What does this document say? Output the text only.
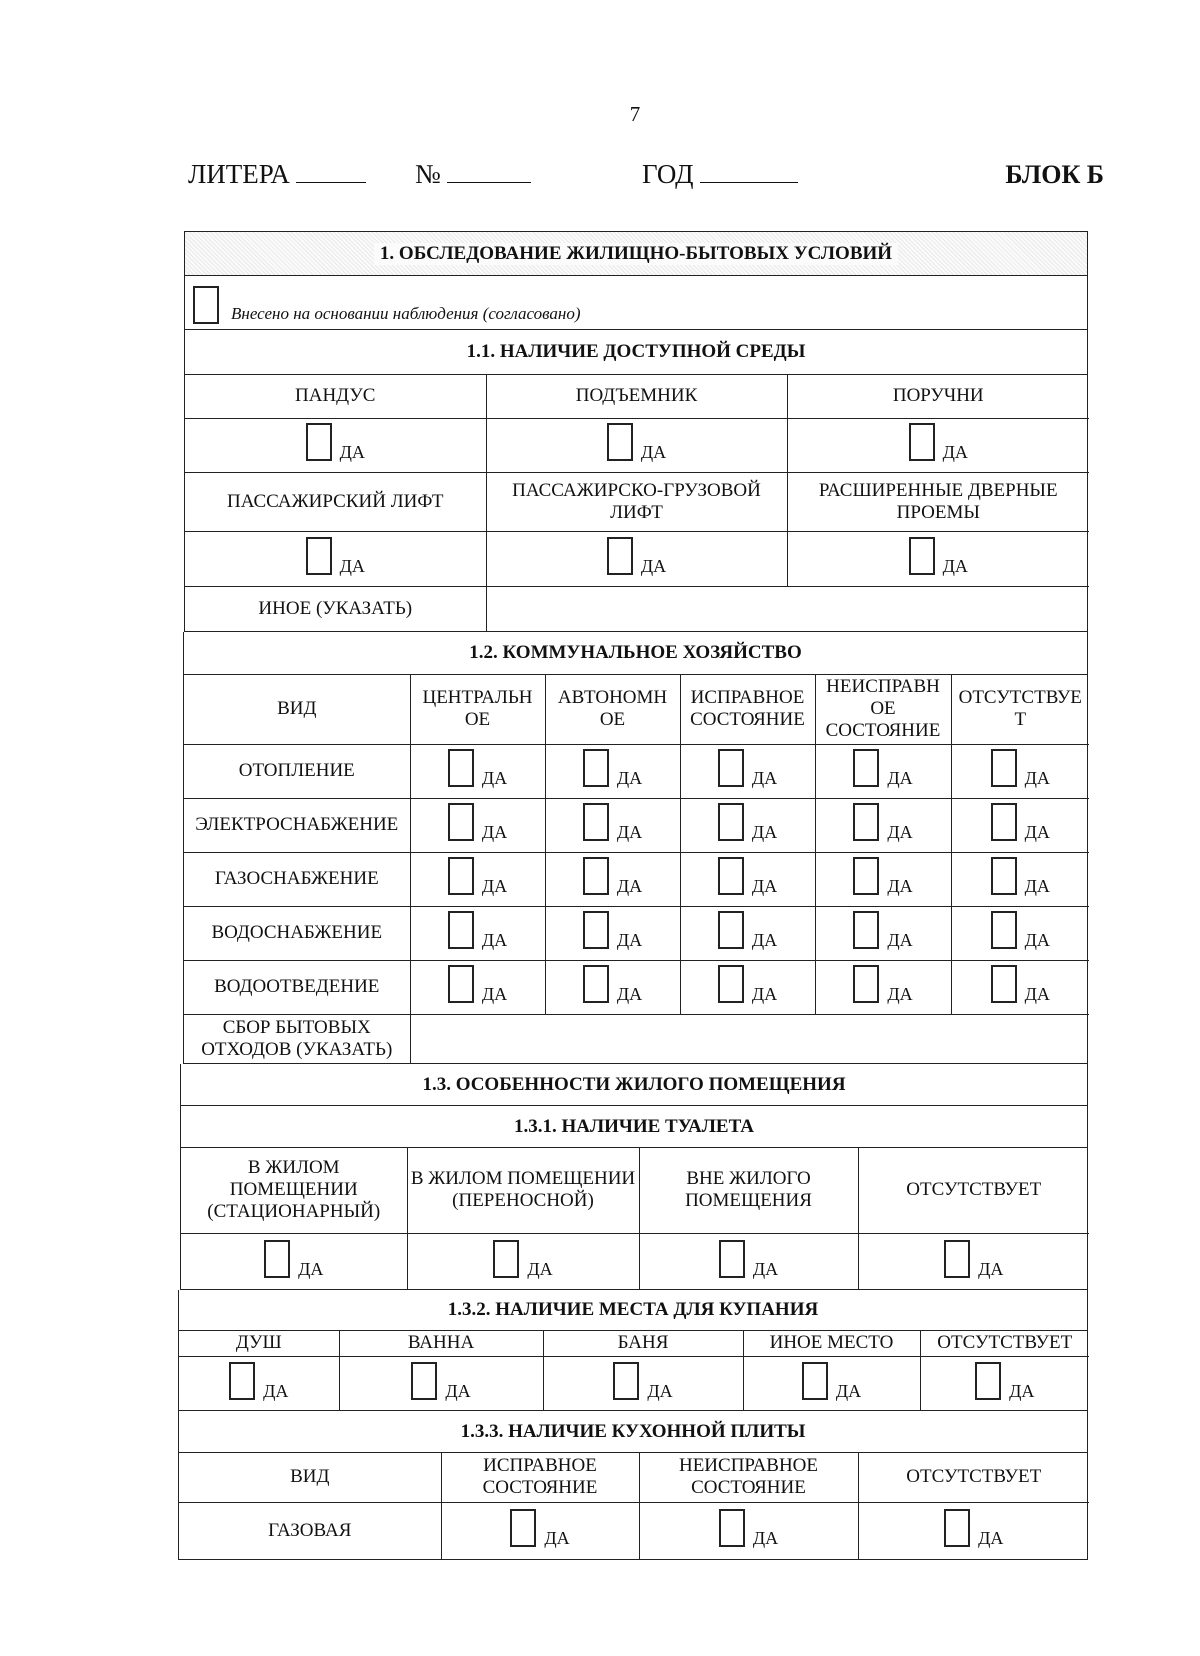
7
ЛИТЕРА	№	ГОД	БЛОК Б
1. ОБСЛЕДОВАНИЕ ЖИЛИЩНО-БЫТОВЫХ УСЛОВИЙ
Внесено на основании наблюдения (согласовано)
1.1. НАЛИЧИЕ ДОСТУПНОЙ СРЕДЫ
ПАНДУС	ПОДЪЕМНИК	ПОРУЧНИ

ДА	ДА	ДА

ПАССАЖИРСКИЙ ЛИФТ	ПАССАЖИРСКО-ГРУЗОВОЙ ЛИФТ	РАСШИРЕННЫЕ ДВЕРНЫЕ ПРОЕМЫ

ДА	ДА	ДА

ИНОЕ (УКАЗАТЬ)		
1.2. КОММУНАЛЬНОЕ ХОЗЯЙСТВО
ВИД	ЦЕНТРАЛЬН ОЕ	АВТОНОМН ОЕ	ИСПРАВНОЕ СОСТОЯНИЕ	НЕИСПРАВН ОЕ СОСТОЯНИЕ	ОТСУТСТВУЕ Т
ОТОПЛЕНИЕ	ДА	ДА	ДА	ДА	ДА

ЭЛЕКТРОСНАБЖЕНИЕ	ДА	ДА	ДА	ДА	ДА

ГАЗОСНАБЖЕНИЕ	ДА	ДА	ДА	ДА	ДА

ВОДОСНАБЖЕНИЕ	ДА	ДА	ДА	ДА	ДА

ВОДООТВЕДЕНИЕ	ДА	ДА	ДА	ДА	ДА

СБОР БЫТОВЫХ ОТХОДОВ (УКАЗАТЬ)					
1.3. ОСОБЕННОСТИ ЖИЛОГО ПОМЕЩЕНИЯ
1.3.1. НАЛИЧИЕ ТУАЛЕТА
В ЖИЛОМ ПОМЕЩЕНИИ (СТАЦИОНАРНЫЙ)	В ЖИЛОМ ПОМЕЩЕНИИ (ПЕРЕНОСНОЙ)	ВНЕ ЖИЛОГО ПОМЕЩЕНИЯ	ОТСУТСТВУЕТ

ДА	ДА	ДА	ДА
1.3.2. НАЛИЧИЕ МЕСТА ДЛЯ КУПАНИЯ
ДУШ	ВАННА	БАНЯ	ИНОЕ МЕСТО	ОТСУТСТВУЕТ

ДА	ДА	ДА	ДА	ДА
1.3.3. НАЛИЧИЕ КУХОННОЙ ПЛИТЫ
ВИД	ИСПРАВНОЕ СОСТОЯНИЕ	НЕИСПРАВНОЕ СОСТОЯНИЕ	ОТСУТСТВУЕТ
ГАЗОВАЯ	ДА	ДА	ДА
